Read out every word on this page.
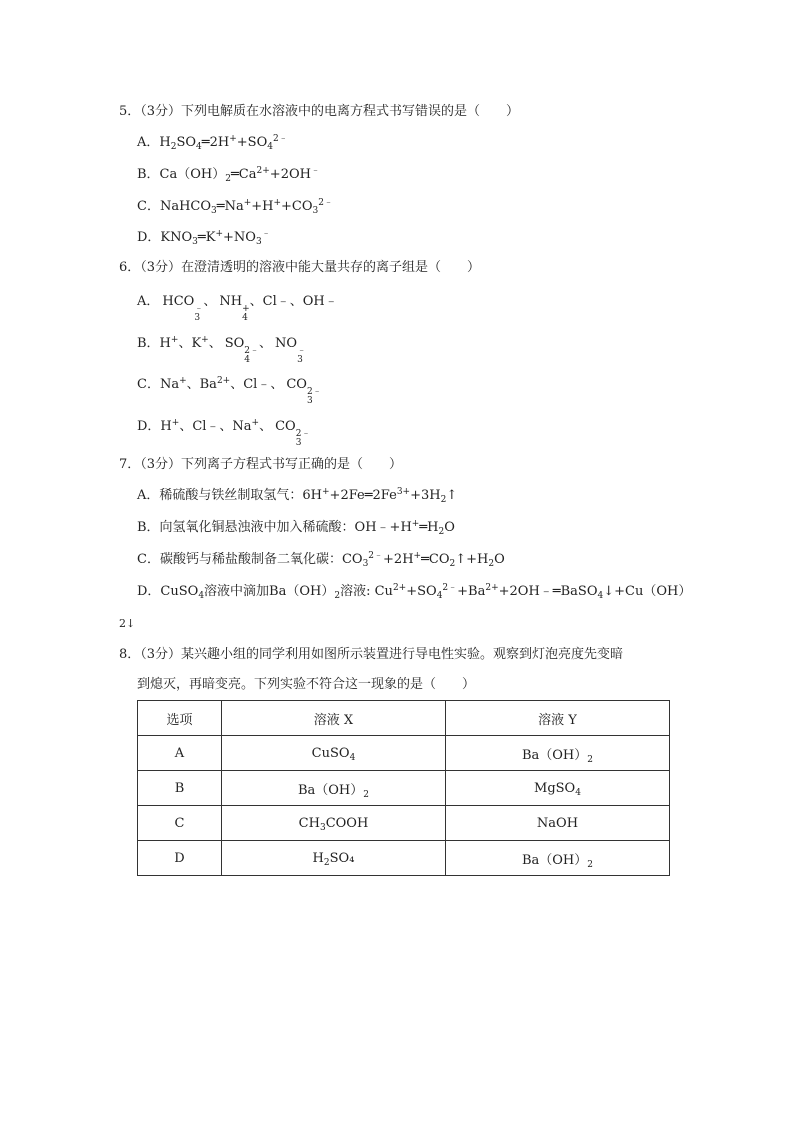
5．（3分）下列电解质在水溶液中的电离方程式书写错误的是（　　）
A．$H_2SO_4═2H^++SO_4^{2﹣}$
B．$Ca(OH)_2═Ca^{2+}+2OH^﹣$
C．$NaHCO_3═Na^++H^++CO_3^{2﹣}$
D．$KNO_3═K^++NO_3^﹣$
6．（3分）在澄清透明的溶液中能大量共存的离子组是（　　）
A． HCO ﹣
3
、 NH +
4
、Cl﹣、OH﹣
B．H+、K+、 SO 2﹣
4
、 NO ﹣
3
C．Na+、$Ba^{2+}$、Cl﹣、 CO 2﹣
3
D．H+、Cl﹣、Na+、 CO 2﹣
3
7．（3分）下列离子方程式书写正确的是（　　）
A．稀硫酸与铁丝制取氢气：$6H^++2Fe═2Fe^{3+}+3H_2↑$
B．向氢氧化铜悬浊液中加入稀硫酸：$OH﹣+H^+═H_2O$
C．碳酸钙与稀盐酸制备二氧化碳：$CO_3^{2﹣}+2H^+═CO_2↑+H_2O$
D．CuSO$_4$溶液中滴加$Ba(OH)_2$溶液: $Cu^{2+}+SO_4^{2﹣}+Ba^{2+}+2OH﹣═BaSO_4↓+Cu(OH)$
2↓
8．（3分）某兴趣小组的同学利用如图所示装置进行导电性实验。观察到灯泡亮度先变暗
到熄灭，再暗变亮。下列实验不符合这一现象的是（　　）
选项	溶液 X	溶液 Y
A	CuSO$_4$	$Ba(OH)_2$
B	$Ba(OH)_2$	MgSO$_4$
C	$CH_3COOH$	NaOH
D	$H_2SO_4$	$Ba(OH)_2$
